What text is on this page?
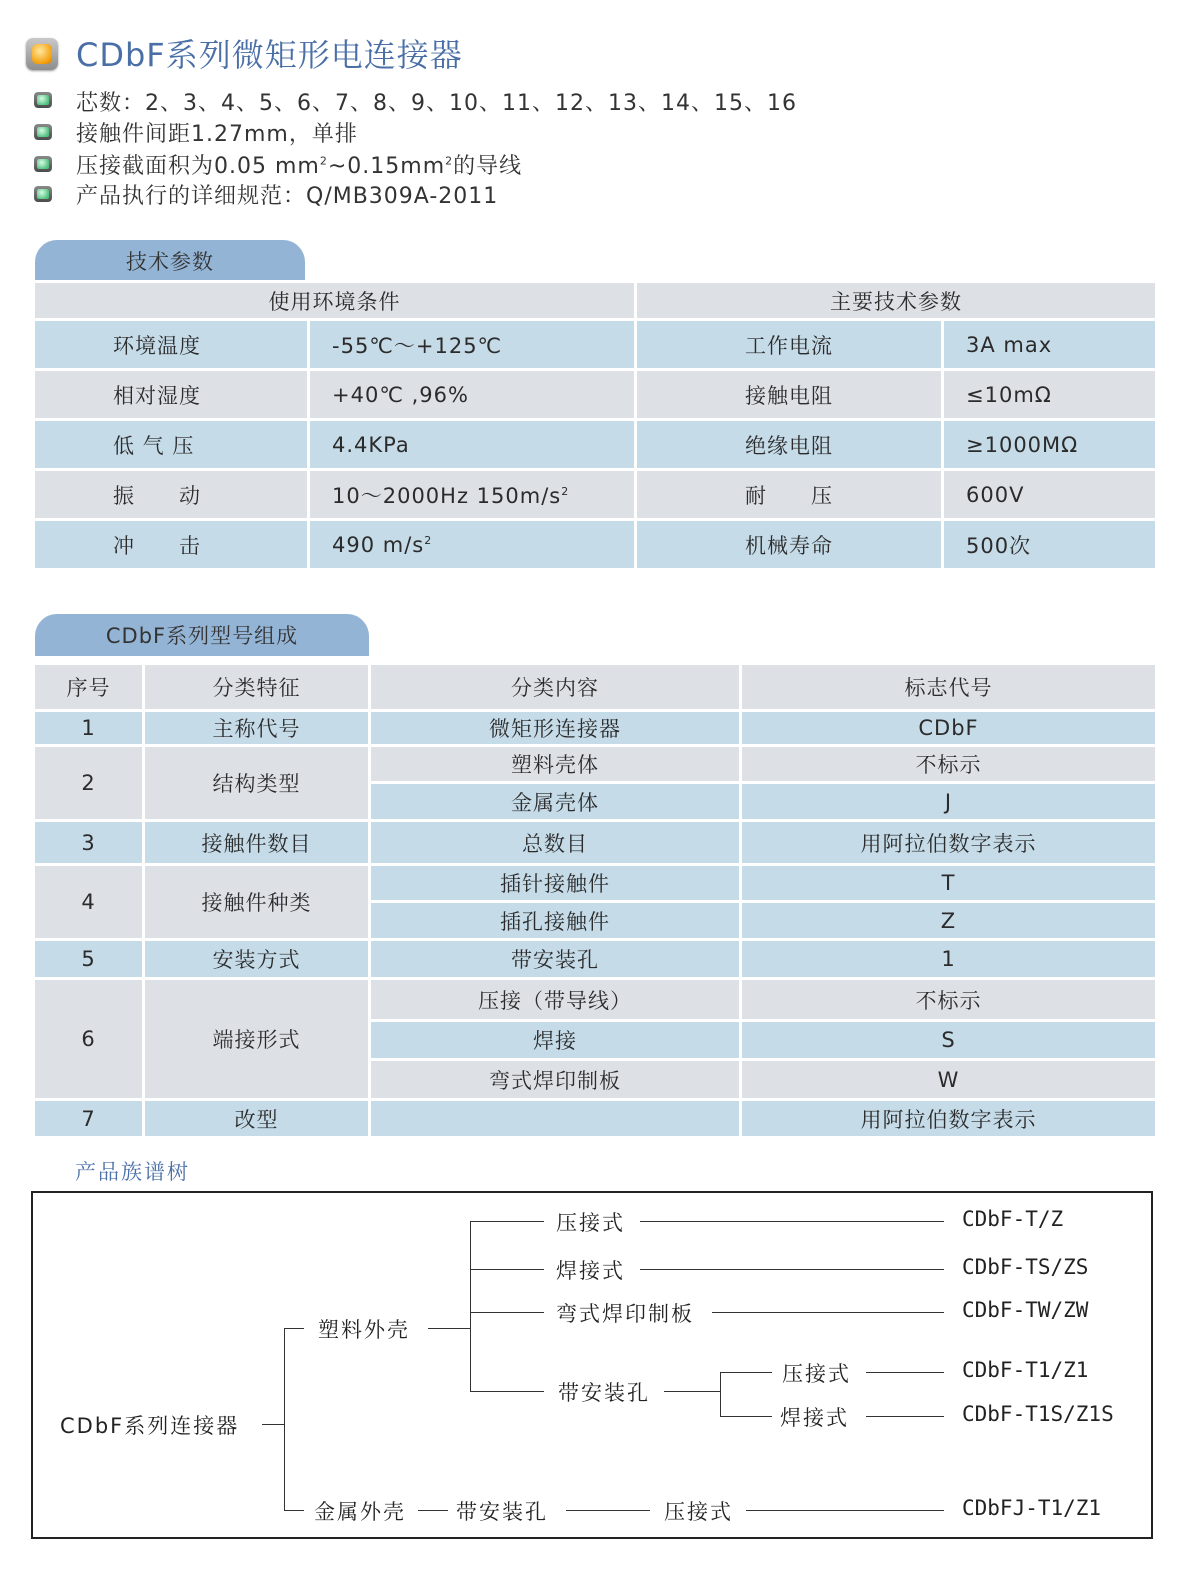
CDbF系列微矩形电连接器
芯数：2、3、4、5、6、7、8、9、10、11、12、13、14、15、16
接触件间距1.27mm，单排
压接截面积为0.05 $mm^2\sim 0.15mm^2$的导线
产品执行的详细规范：Q/MB309A-2011
技术参数
使用环境条件		主要技术参数	
环境温度	-55℃～+125℃	工作电流	3A max
相对湿度	+40℃ ,96%	接触电阻	≤10mΩ
低 气 压	4.4KPa	绝缘电阻	≥1000MΩ
振　　动	10～2000Hz $150m/s^2$	耐　　压	600V
冲　　击	490 $m/s^2$	机械寿命	500次
CDbF系列型号组成
序号	分类特征	分类内容	标志代号
1	主称代号	微矩形连接器	CDbF
2	结构类型	塑料壳体	不标示
		金属壳体	J
3	接触件数目	总数目	用阿拉伯数字表示
4	接触件种类	插针接触件	T
		插孔接触件	Z
5	安装方式	带安装孔	1
6	端接形式	压接（带导线）	不标示
		焊接	S
		弯式焊印制板	W
7	改型		用阿拉伯数字表示
产品族谱树
CDbF系列连接器
塑料外壳
金属外壳
压接式
焊接式
弯式焊印制板
带安装孔
压接式
焊接式
带安装孔	压接式
CDbF-T/Z
CDbF-TS/ZS
CDbF-TW/ZW
CDbF-T1/Z1
CDbF-T1S/Z1S
CDbFJ-T1/Z1
